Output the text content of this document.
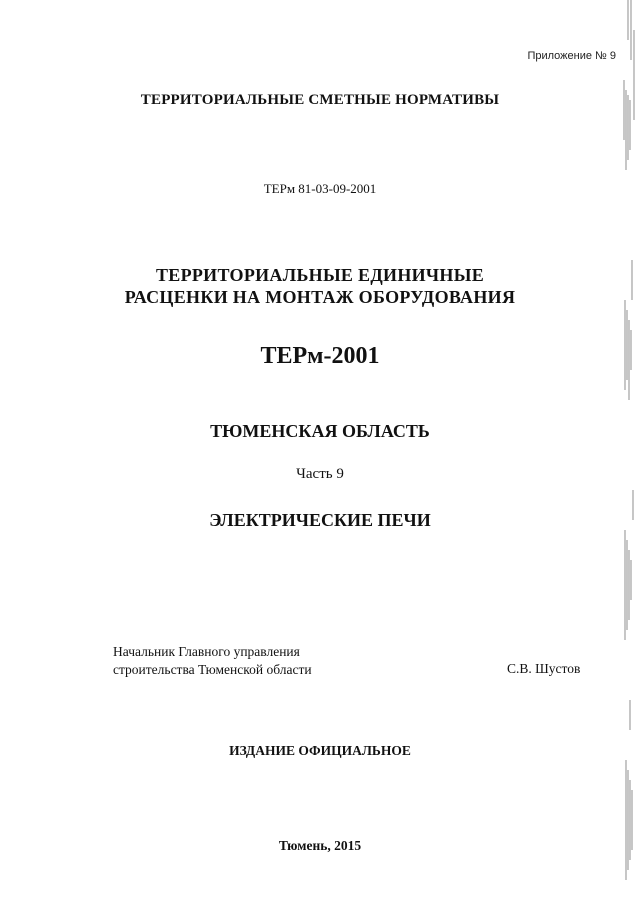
Приложение № 9
ТЕРРИТОРИАЛЬНЫЕ СМЕТНЫЕ НОРМАТИВЫ
ТЕРм 81-03-09-2001
ТЕРРИТОРИАЛЬНЫЕ ЕДИНИЧНЫЕ
РАСЦЕНКИ НА МОНТАЖ ОБОРУДОВАНИЯ
ТЕРм-2001
ТЮМЕНСКАЯ ОБЛАСТЬ
Часть 9
ЭЛЕКТРИЧЕСКИЕ ПЕЧИ
Начальник Главного управления
строительства Тюменской области	С.В. Шустов
ИЗДАНИЕ ОФИЦИАЛЬНОЕ
Тюмень, 2015
